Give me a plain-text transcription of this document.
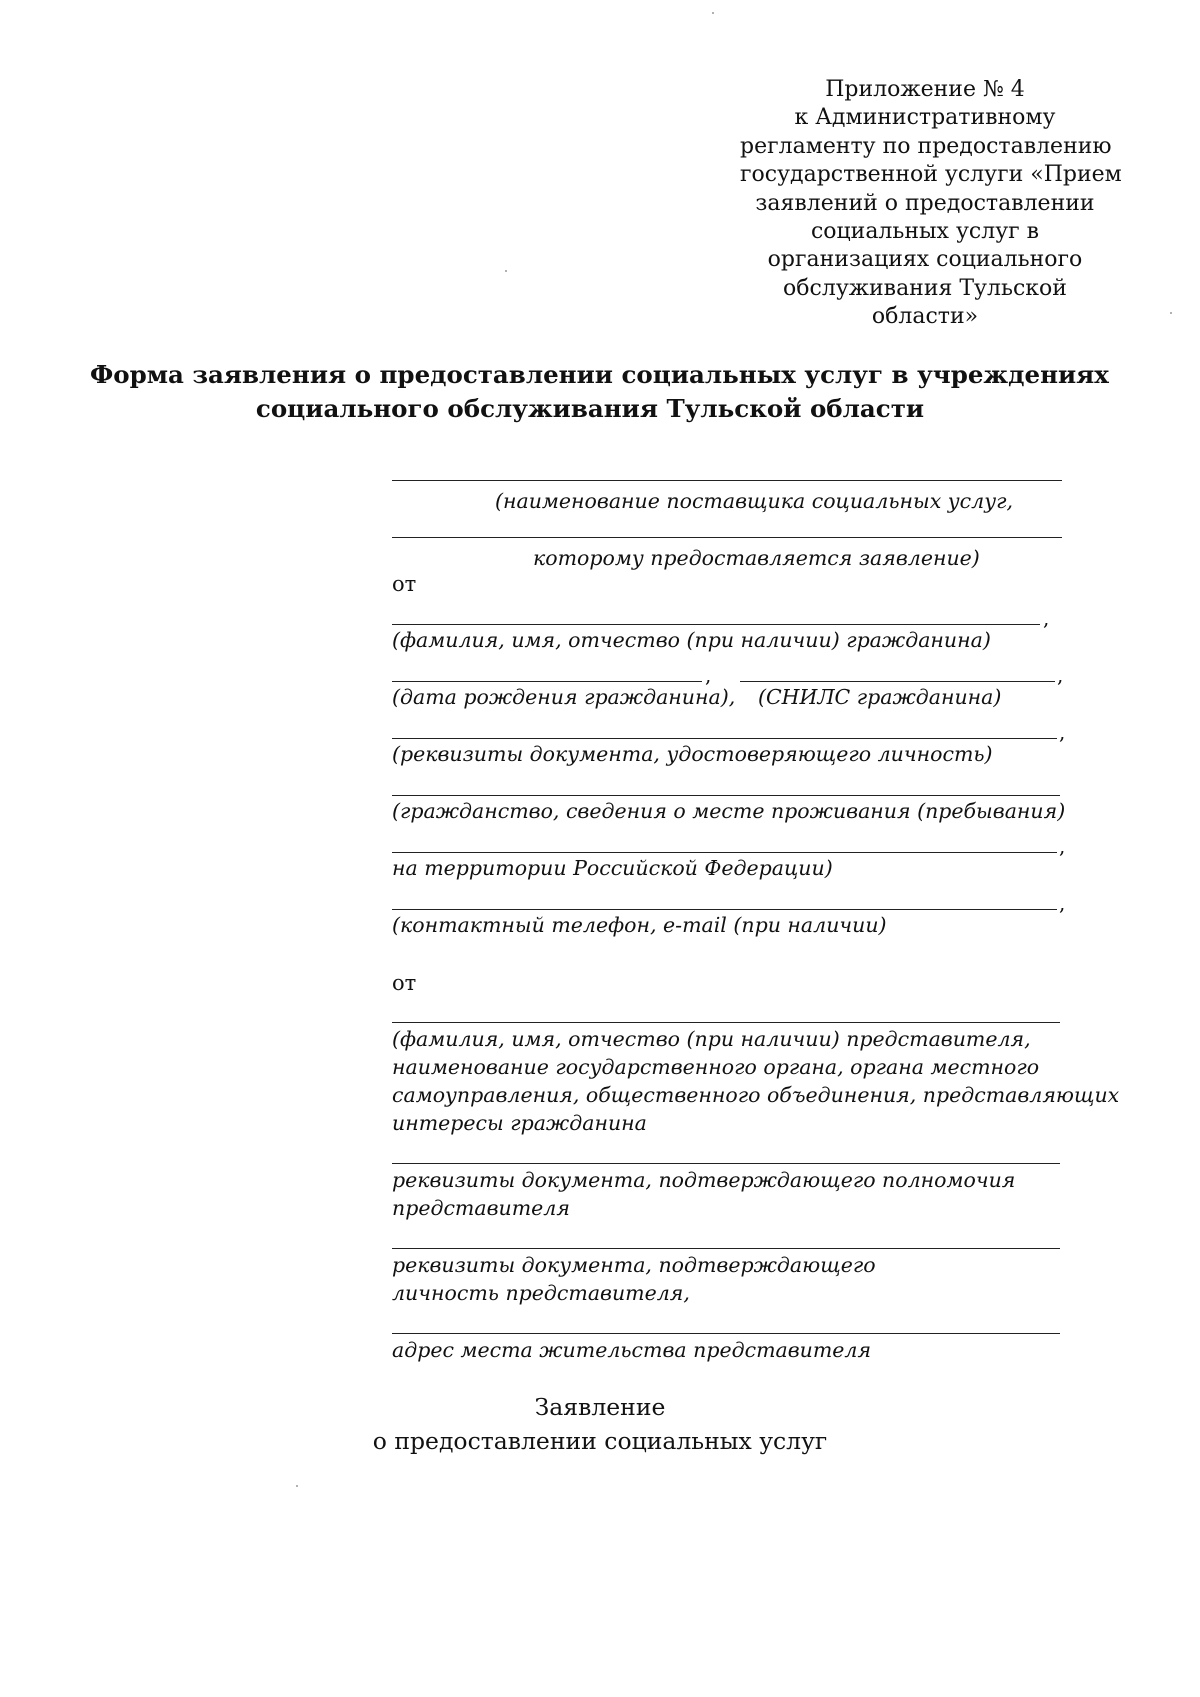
Приложение № 4
к Административному
регламенту по предоставлению
государственной услуги «Прием
заявлений о предоставлении
социальных услуг в
организациях социального
обслуживания Тульской
области»
Форма заявления о предоставлении социальных услуг в учреждениях
социального обслуживания Тульской области
(наименование поставщика социальных услуг,
которому предоставляется заявление)
от
,
(фамилия, имя, отчество (при наличии) гражданина)
,	,
(дата рождения гражданина), (СНИЛС гражданина)
,
(реквизиты документа, удостоверяющего личность)
(гражданство, сведения о месте проживания (пребывания)
,
на территории Российской Федерации)
,
(контактный телефон, e-mail (при наличии)
от
(фамилия, имя, отчество (при наличии) представителя,
наименование государственного органа, органа местного
самоуправления, общественного объединения, представляющих
интересы гражданина
реквизиты документа, подтверждающего полномочия
представителя
реквизиты документа, подтверждающего
личность представителя,
адрес места жительства представителя
Заявление
о предоставлении социальных услуг
